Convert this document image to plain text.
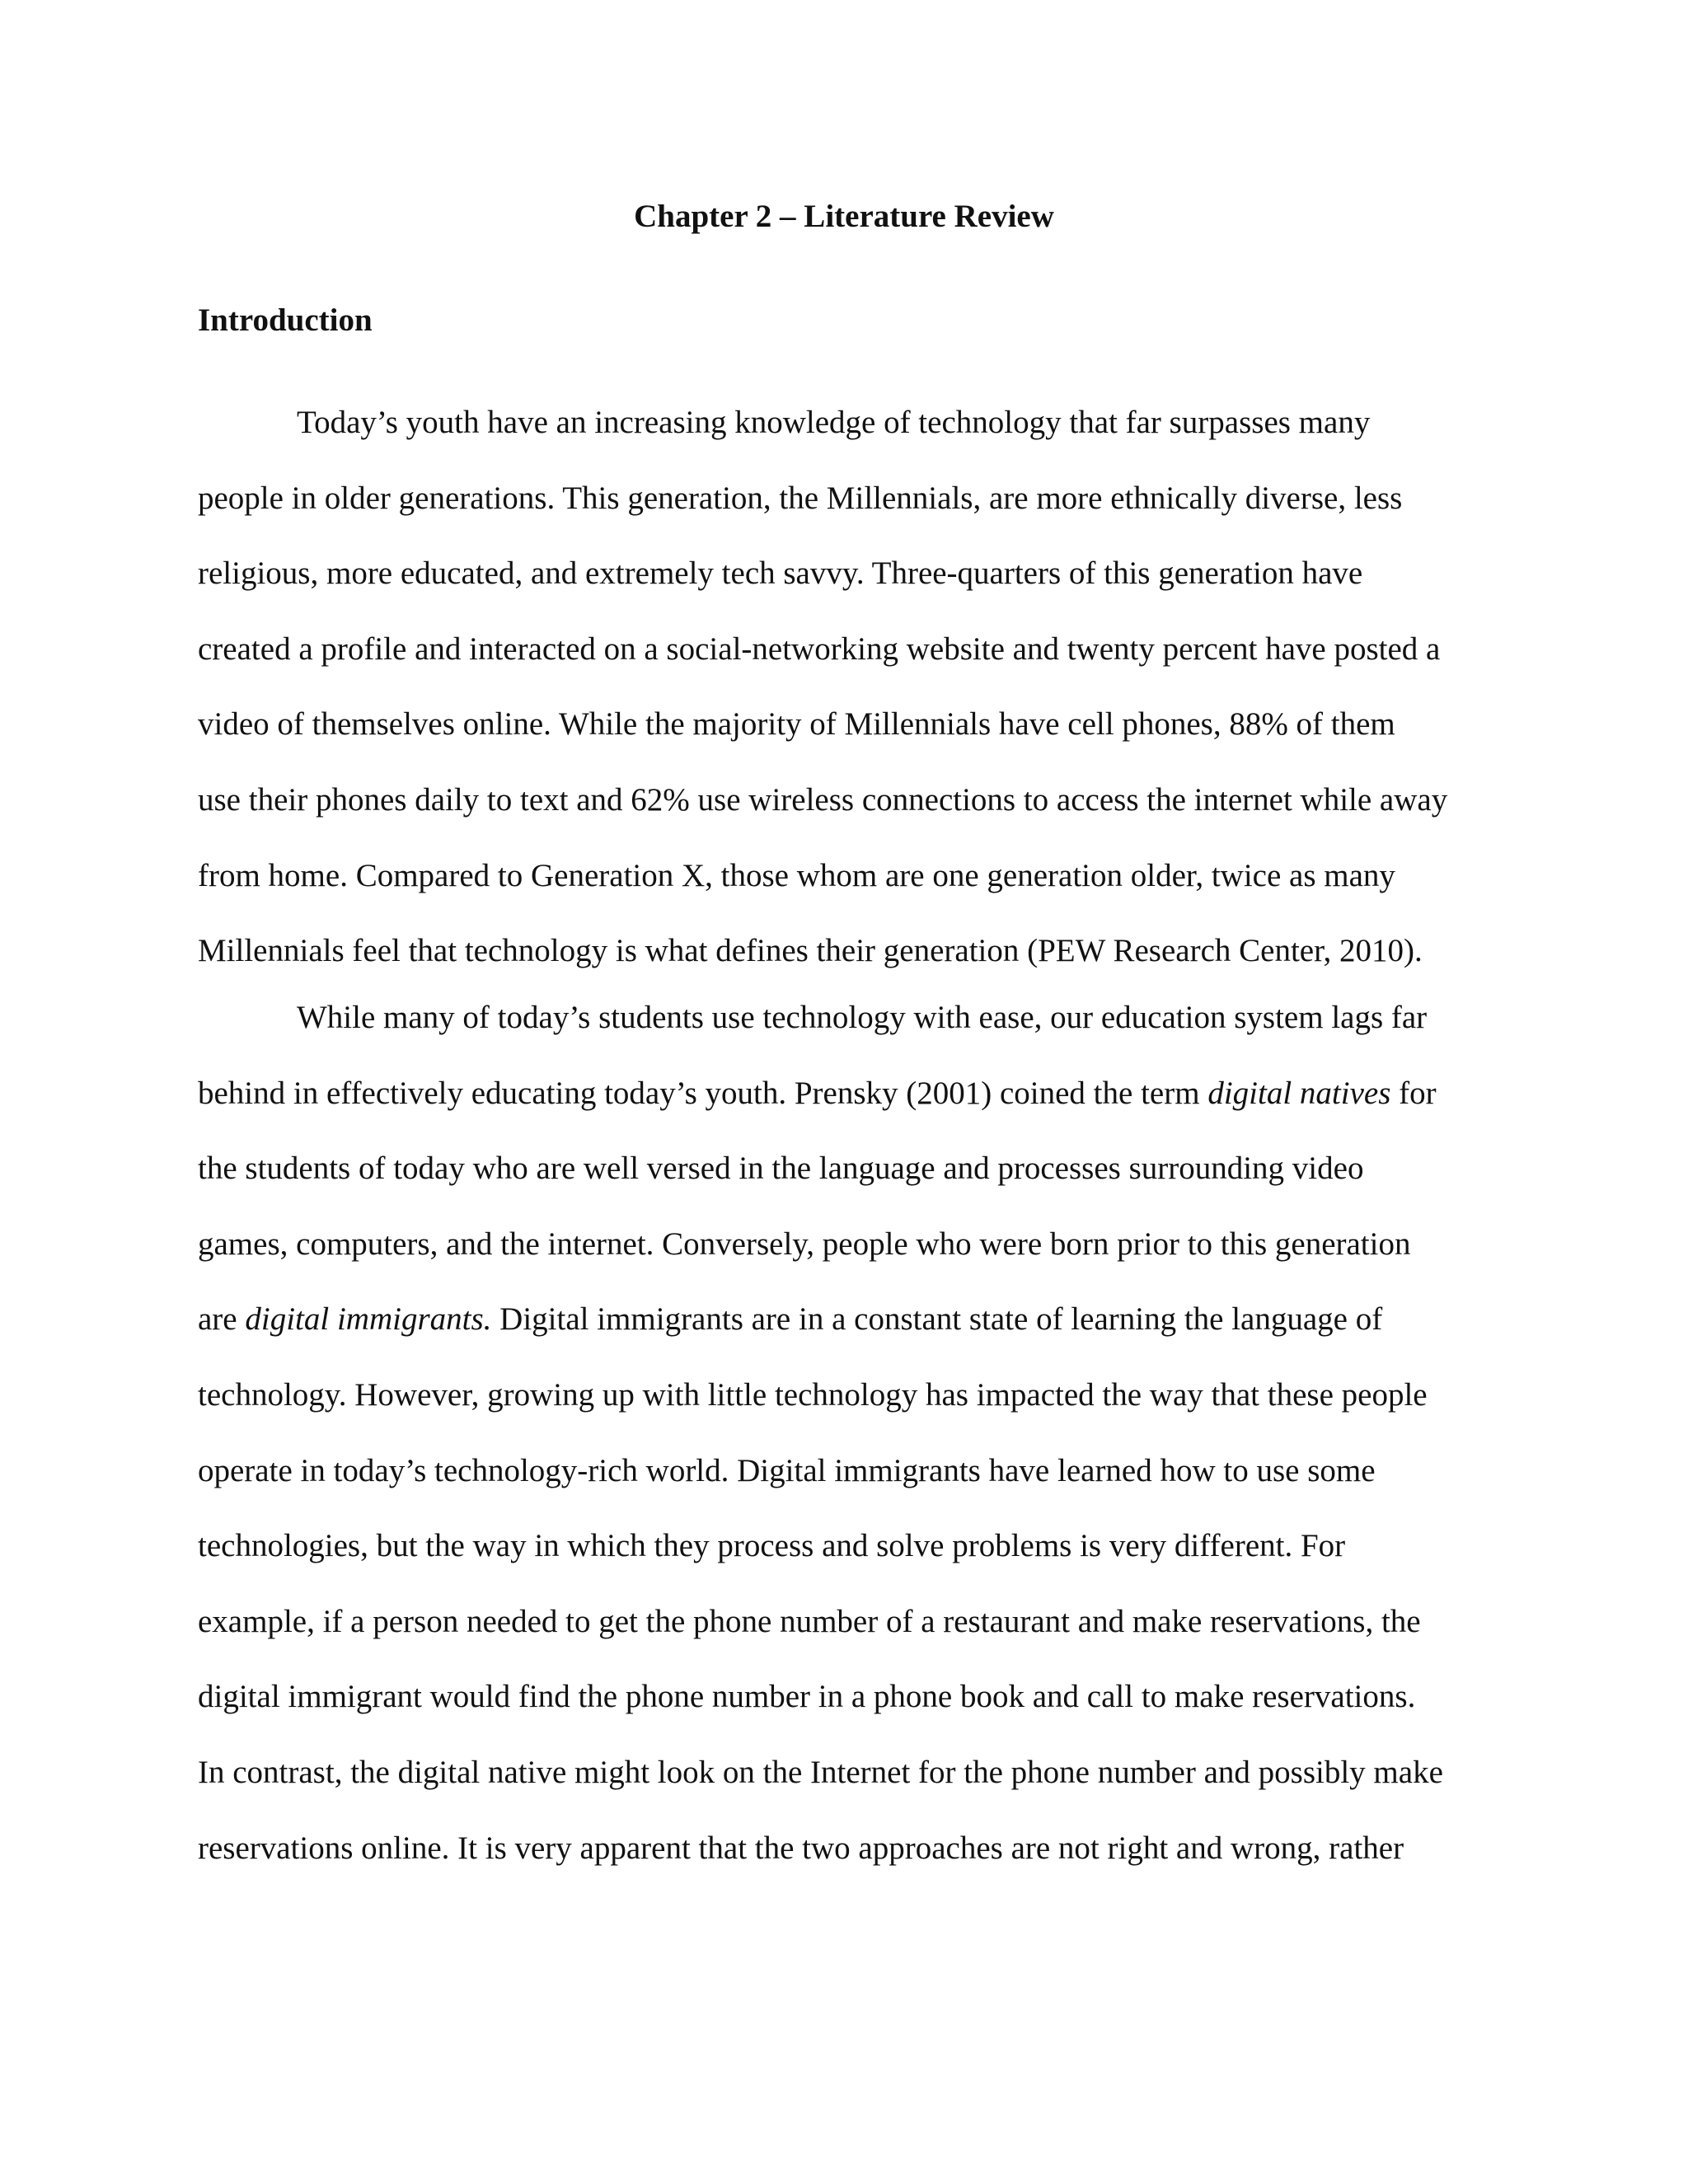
Chapter 2 – Literature Review
Introduction
Today’s youth have an increasing knowledge of technology that far surpasses many
people in older generations. This generation, the Millennials, are more ethnically diverse, less
religious, more educated, and extremely tech savvy. Three-quarters of this generation have
created a profile and interacted on a social-networking website and twenty percent have posted a
video of themselves online. While the majority of Millennials have cell phones, 88% of them
use their phones daily to text and 62% use wireless connections to access the internet while away
from home. Compared to Generation X, those whom are one generation older, twice as many
Millennials feel that technology is what defines their generation (PEW Research Center, 2010).
While many of today’s students use technology with ease, our education system lags far
behind in effectively educating today’s youth. Prensky (2001) coined the term digital natives for
the students of today who are well versed in the language and processes surrounding video
games, computers, and the internet. Conversely, people who were born prior to this generation
are digital immigrants. Digital immigrants are in a constant state of learning the language of
technology. However, growing up with little technology has impacted the way that these people
operate in today’s technology-rich world. Digital immigrants have learned how to use some
technologies, but the way in which they process and solve problems is very different. For
example, if a person needed to get the phone number of a restaurant and make reservations, the
digital immigrant would find the phone number in a phone book and call to make reservations.
In contrast, the digital native might look on the Internet for the phone number and possibly make
reservations online. It is very apparent that the two approaches are not right and wrong, rather
